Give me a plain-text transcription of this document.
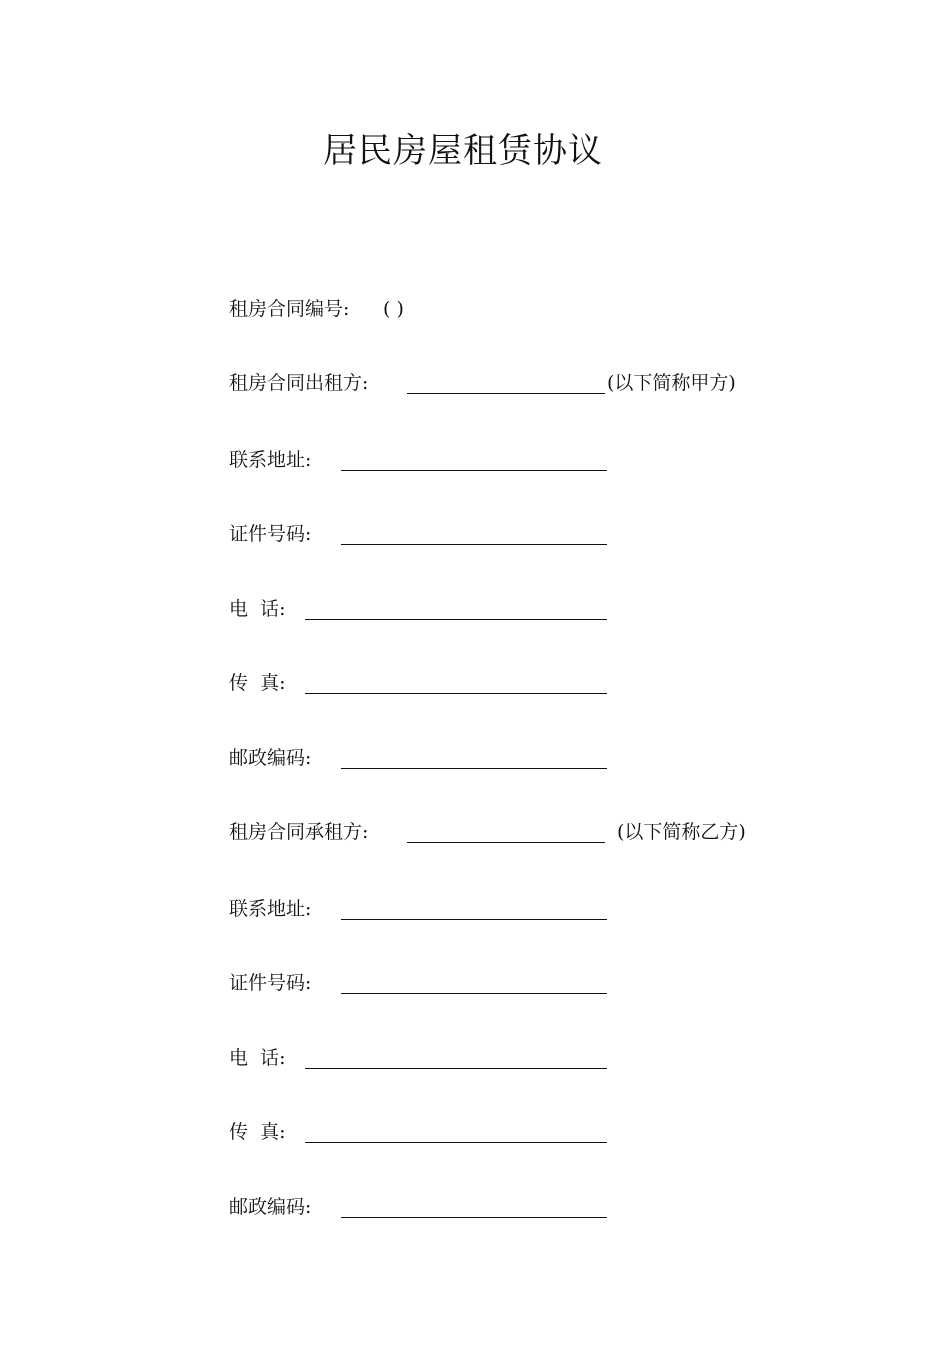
居民房屋租赁协议
租房合同编号: ( )
租房合同出租方:	(以下简称甲方)
联系地址:
证件号码:
电  话:
传  真:
邮政编码:
租房合同承租方:	(以下简称乙方)
联系地址:
证件号码:
电  话:
传  真:
邮政编码:
